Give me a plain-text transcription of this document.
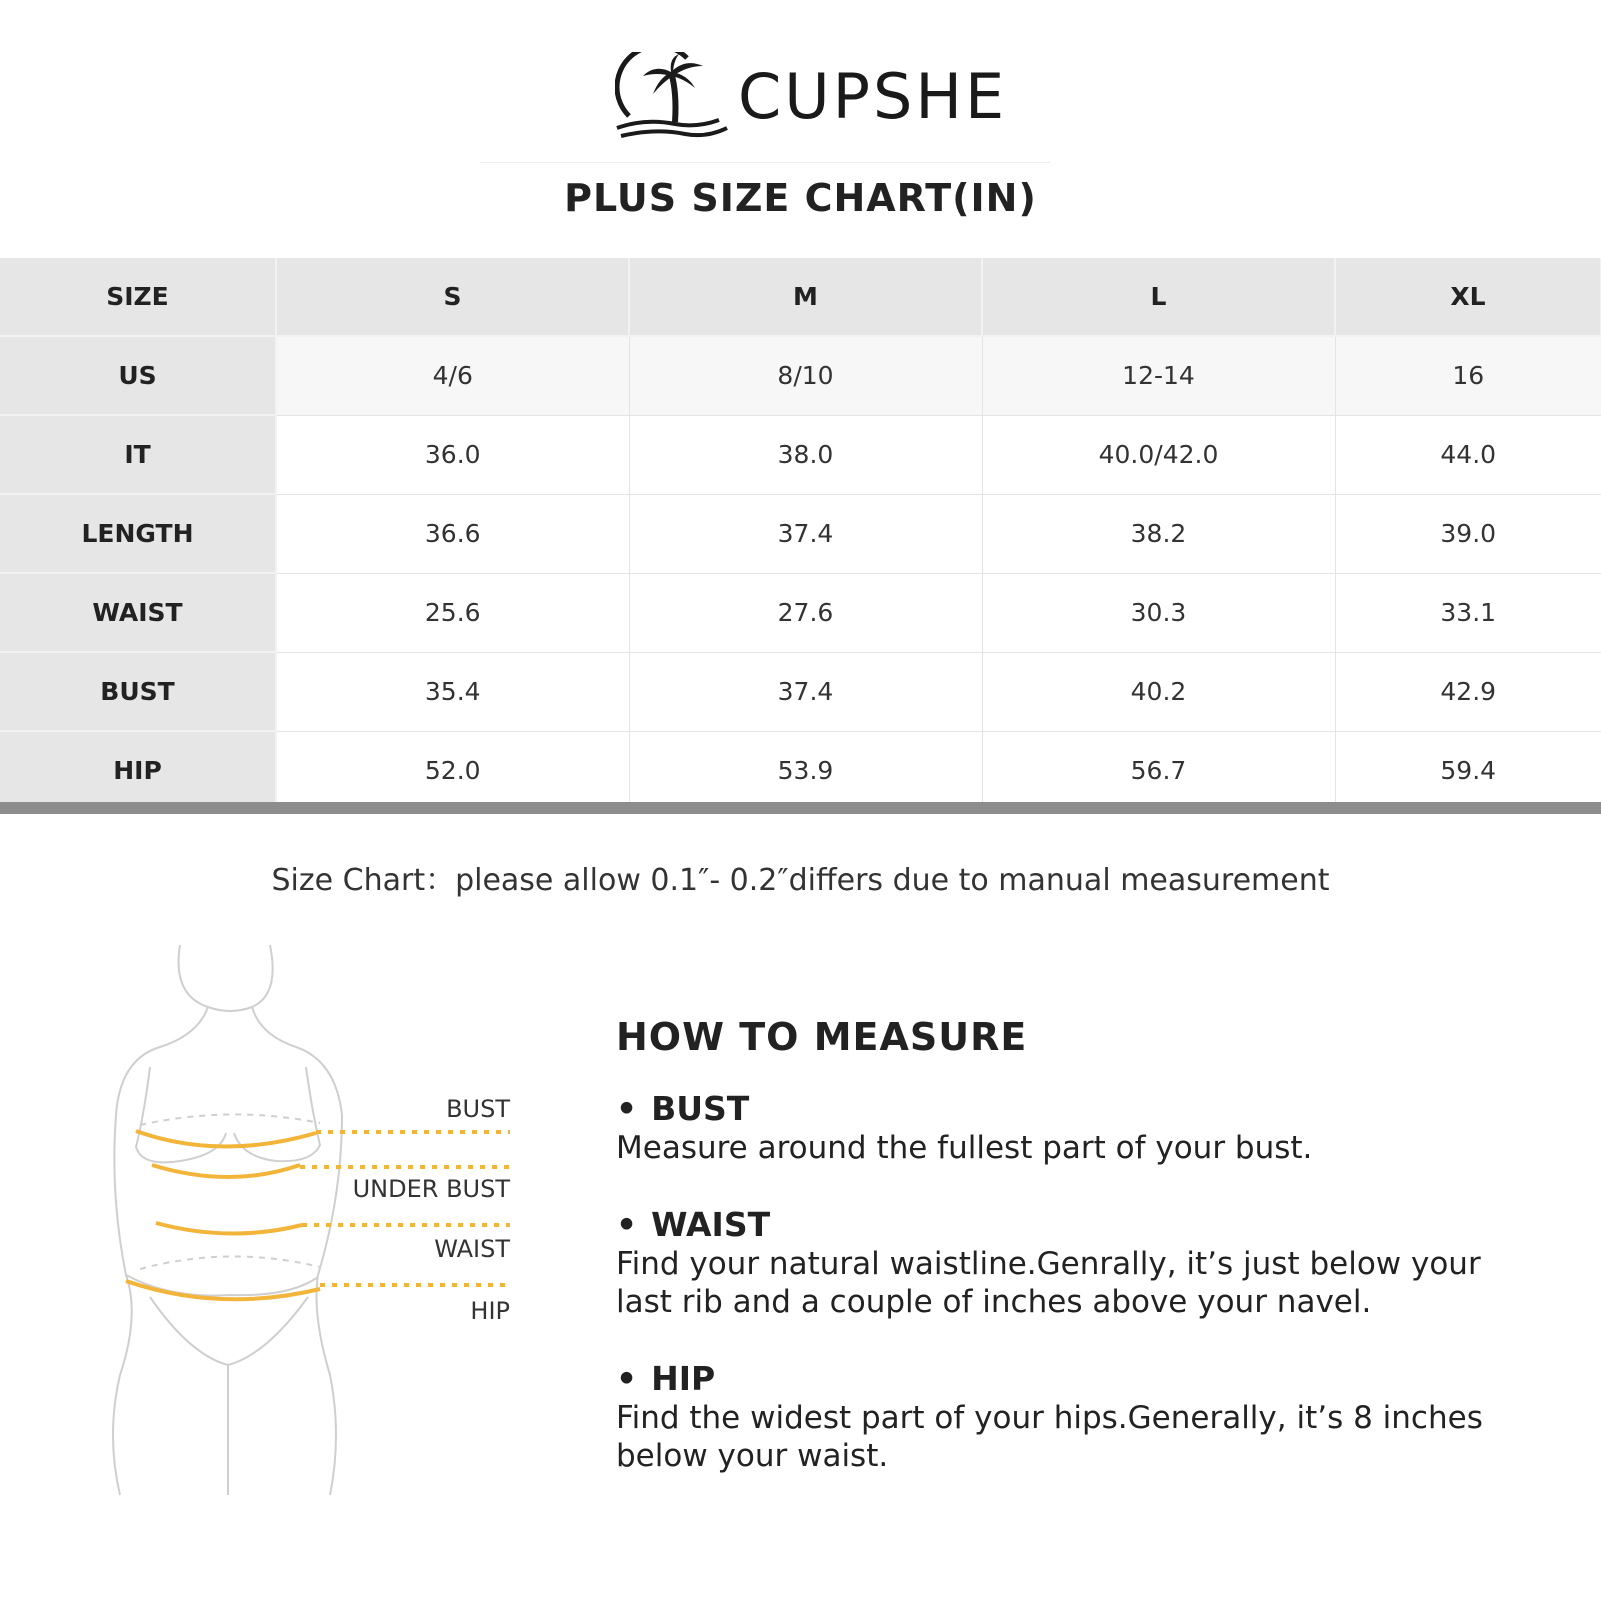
CUPSHE
PLUS SIZE CHART(IN)
SIZE	S	M	L	XL
US	4/6	8/10	12-14	16
IT	36.0	38.0	40.0/42.0	44.0
LENGTH	36.6	37.4	38.2	39.0
WAIST	25.6	27.6	30.3	33.1
BUST	35.4	37.4	40.2	42.9
HIP	52.0	53.9	56.7	59.4
Size Chart：please allow 0.1″- 0.2″differs due to manual measurement
BUST
UNDER BUST
WAIST
HIP
HOW TO MEASURE
• BUST
Measure around the fullest part of your bust.
• WAIST
Find your natural waistline.Genrally, it’s just below your last rib and a couple of inches above your navel.
• HIP
Find the widest part of your hips.Generally, it’s 8 inches below your waist.
